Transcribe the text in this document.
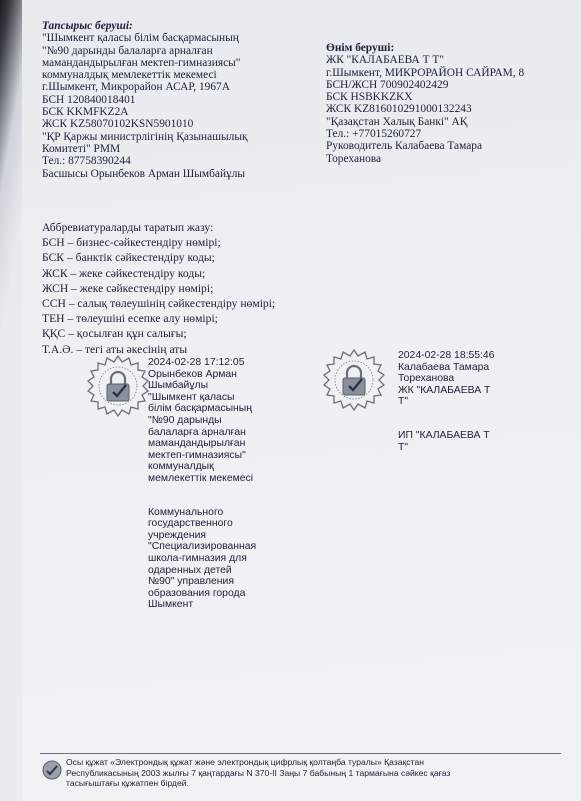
Тапсырыс беруші:
"Шымкент қаласы білім басқармасының
"№90 дарынды балаларға арналған
мамандандырылған мектеп-гимназиясы"
коммуналдық мемлекеттік мекемесі
г.Шымкент, Микрорайон АСАР, 1967А
БСН 120840018401
БСК KKMFKZ2A
ЖСК KZ58070102KSN5901010
"ҚР Қаржы министрлігінің Қазынашылық
Комитеті" РММ
Тел.: 87758390244
Басшысы Орынбеков Арман Шымбайұлы
Өнім беруші:
ЖК "КАЛАБАЕВА Т Т"
г.Шымкент, МИКРОРАЙОН САЙРАМ, 8
БСН/ЖСН 700902402429
БСК HSBKKZKX
ЖСК KZ816010291000132243
"Қазақстан Халық Банкі" АҚ
Тел.: +77015260727
Руководитель Калабаева Тамара
Тореханова
Аббревиатураларды таратып жазу:
БСН – бизнес-сәйкестендіру нөмірі;
БСК – банктік сәйкестендіру коды;
ЖСК – жеке сәйкестендіру коды;
ЖСН – жеке сәйкестендіру нөмірі;
ССН – салық төлеушінің сәйкестендіру нөмірі;
ТЕН – төлеушіні есепке алу нөмірі;
ҚҚС – қосылған құн салығы;
Т.А.Ә. – тегі аты әкесінің аты
2024-02-28 17:12:05
Орынбеков Арман
Шымбайұлы
"Шымкент қаласы
білім басқармасының
"№90 дарынды
балаларға арналған
мамандандырылған
мектеп-гимназиясы"
коммуналдық
мемлекеттік мекемесі
Коммунального
государственного
учреждения
"Специализированная
школа-гимназия для
одаренных детей
№90" управления
образования города
Шымкент
2024-02-28 18:55:46
Калабаева Тамара
Тореханова
ЖК "КАЛАБАЕВА Т
Т"
ИП "КАЛАБАЕВА Т
Т"
Осы құжат «Электрондық құжат және электрондық цифрлық қолтаңба туралы» Қазақстан
Республикасының 2003 жылғы 7 қаңтардағы N 370-II Заңы 7 бабының 1 тармағына сәйкес қағаз
тасығыштағы құжатпен бірдей.
